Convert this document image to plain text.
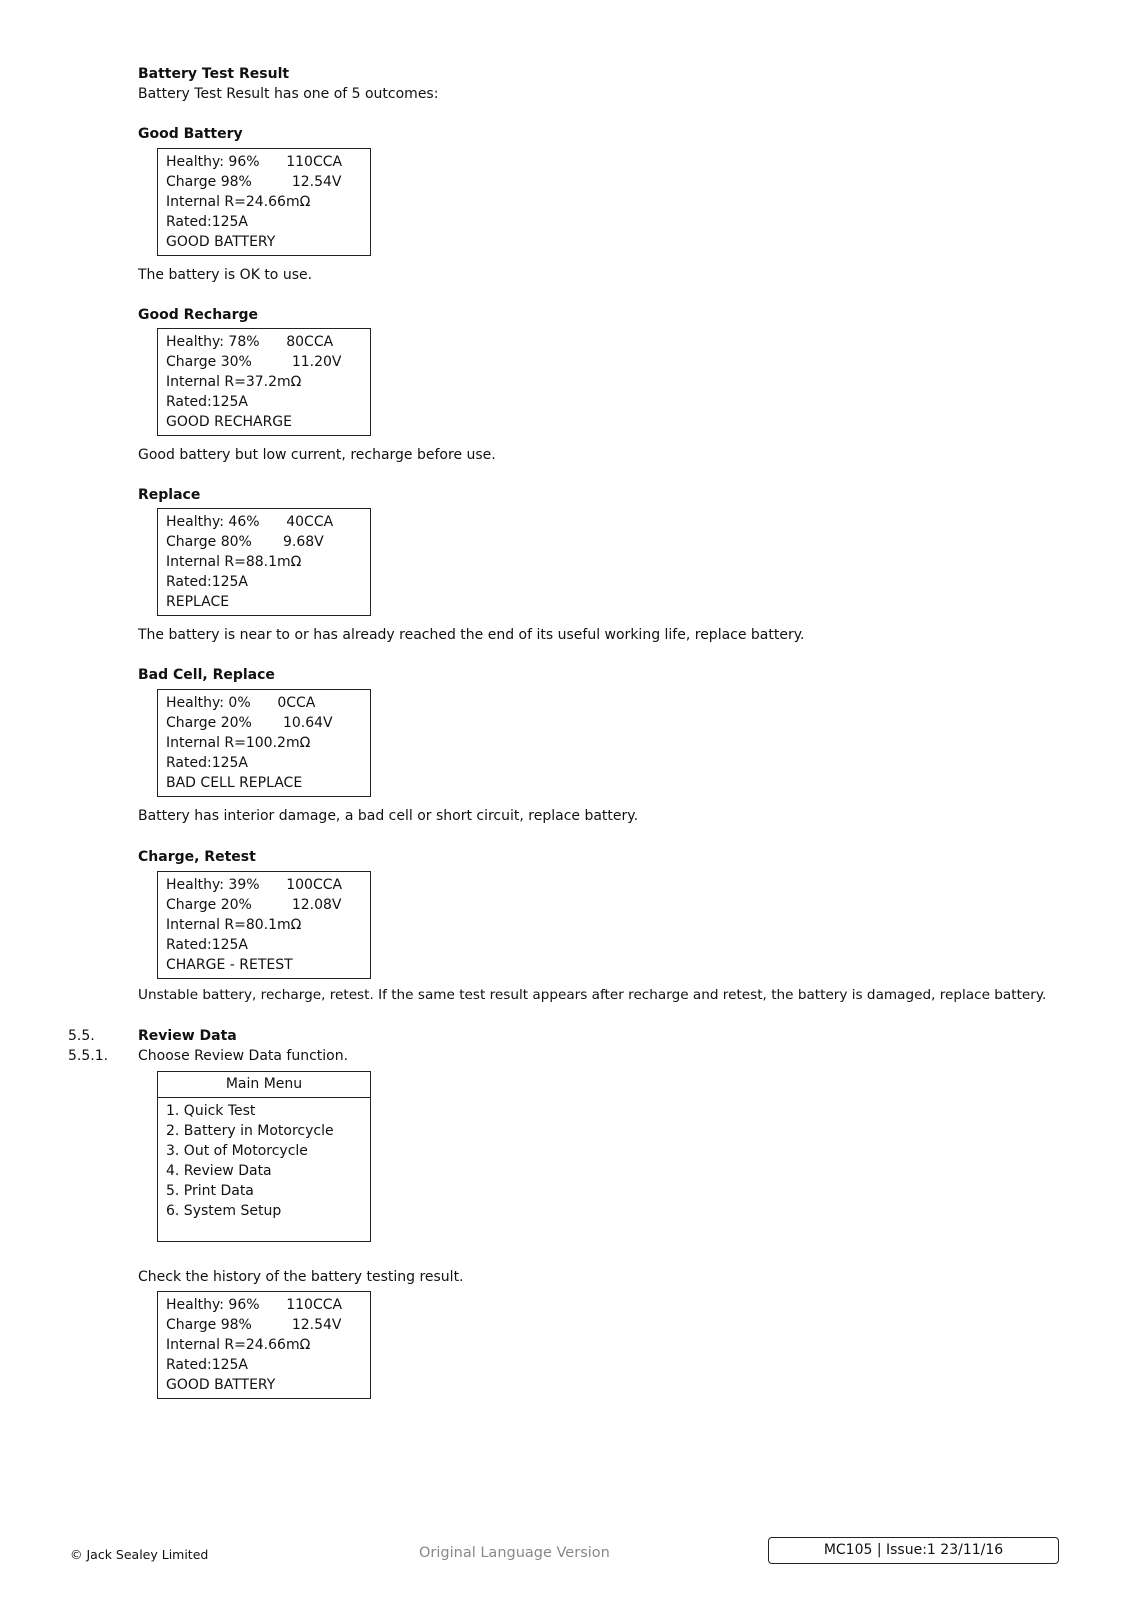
Battery Test Result
Battery Test Result has one of 5 outcomes:
Good Battery
Healthy: 96%      110CCA
Charge 98%         12.54V
Internal R=24.66mΩ
Rated:125A
GOOD BATTERY
The battery is OK to use.
Good Recharge
Healthy: 78%      80CCA
Charge 30%         11.20V
Internal R=37.2mΩ
Rated:125A
GOOD RECHARGE
Good battery but low current, recharge before use.
Replace
Healthy: 46%      40CCA
Charge 80%       9.68V
Internal R=88.1mΩ
Rated:125A
REPLACE
The battery is near to or has already reached the end of its useful working life, replace battery.
Bad Cell, Replace
Healthy: 0%      0CCA
Charge 20%       10.64V
Internal R=100.2mΩ
Rated:125A
BAD CELL REPLACE
Battery has interior damage, a bad cell or short circuit, replace battery.
Charge, Retest
Healthy: 39%      100CCA
Charge 20%         12.08V
Internal R=80.1mΩ
Rated:125A
CHARGE - RETEST
Unstable battery, recharge, retest. If the same test result appears after recharge and retest, the battery is damaged, replace battery.
5.5.	Review Data
5.5.1. Choose Review Data function.
Main Menu
1. Quick Test
2. Battery in Motorcycle
3. Out of Motorcycle
4. Review Data
5. Print Data
6. System Setup
Check the history of the battery testing result.
Healthy: 96%      110CCA
Charge 98%         12.54V
Internal R=24.66mΩ
Rated:125A
GOOD BATTERY
© Jack Sealey Limited	Original Language Version	MC105 | Issue:1 23/11/16
